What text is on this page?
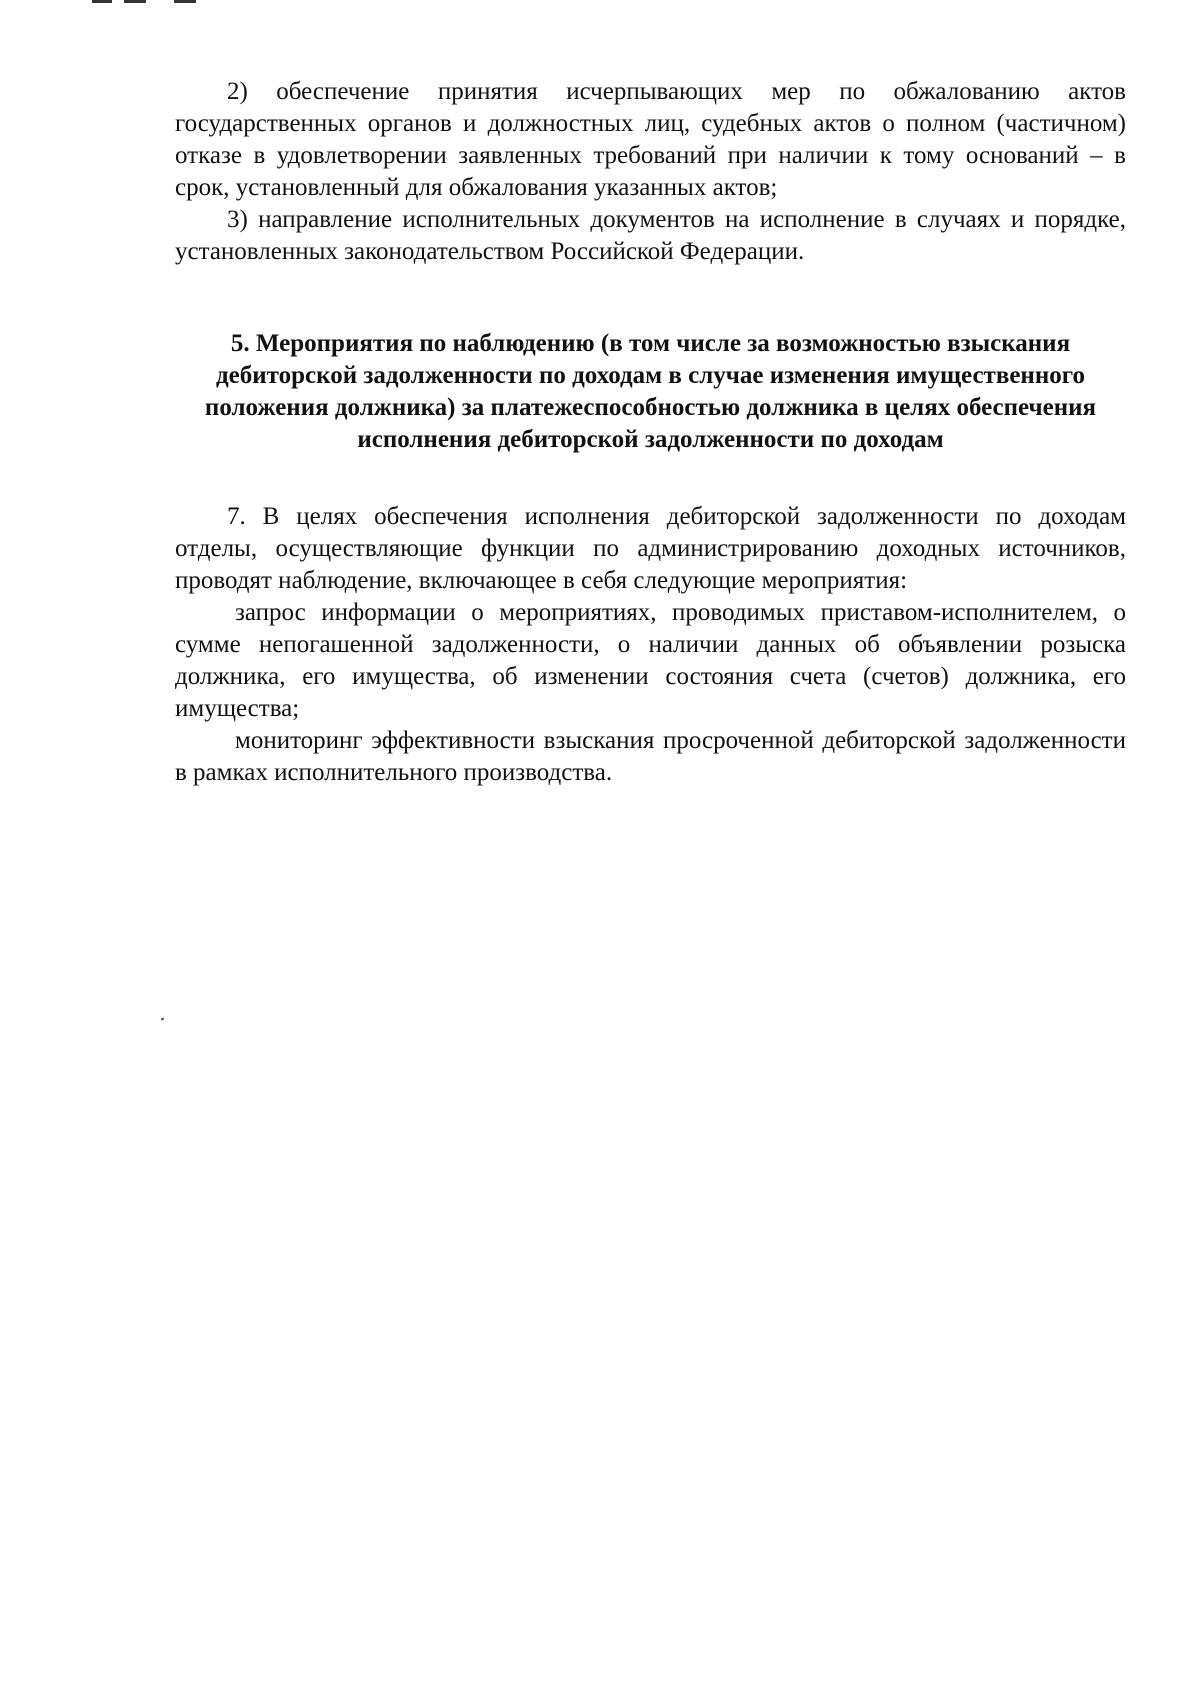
2) обеспечение принятия исчерпывающих мер по обжалованию актов государственных органов и должностных лиц, судебных актов о полном (частичном) отказе в удовлетворении заявленных требований при наличии к тому оснований – в срок, установленный для обжалования указанных актов;

3) направление исполнительных документов на исполнение в случаях и порядке, установленных законодательством Российской Федерации.

5. Мероприятия по наблюдению (в том числе за возможностью взыскания дебиторской задолженности по доходам в случае изменения имущественного положения должника) за платежеспособностью должника в целях обеспечения исполнения дебиторской задолженности по доходам

7. В целях обеспечения исполнения дебиторской задолженности по доходам отделы, осуществляющие функции по администрированию доходных источников, проводят наблюдение, включающее в себя следующие мероприятия:

запрос информации о мероприятиях, проводимых приставом-исполнителем, о сумме непогашенной задолженности, о наличии данных об объявлении розыска должника, его имущества, об изменении состояния счета (счетов) должника, его имущества;

мониторинг эффективности взыскания просроченной дебиторской задолженности в рамках исполнительного производства.
